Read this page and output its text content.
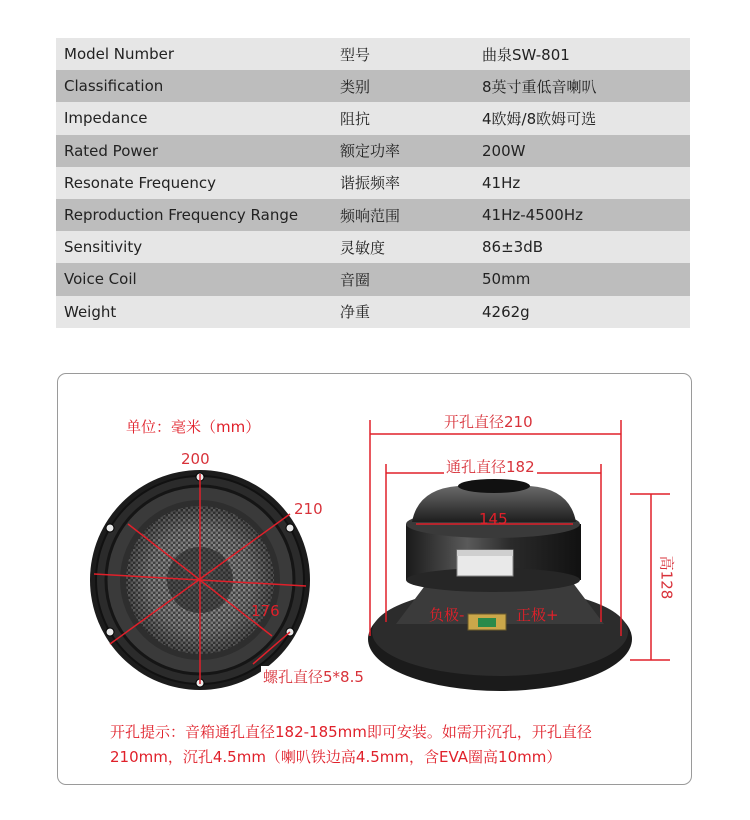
Model Number	型号	曲泉SW-801
Classification	类别	8英寸重低音喇叭
Impedance	阻抗	4欧姆/8欧姆可选
Rated Power	额定功率	200W
Resonate Frequency	谐振频率	41Hz
Reproduction Frequency Range	频响范围	41Hz-4500Hz
Sensitivity	灵敏度	86±3dB
Voice Coil	音圈	50mm
Weight	净重	4262g
单位：毫米（mm）
200
210
176
螺孔直径5*8.5
开孔直径210
通孔直径182
145
高128
负极-	正极+
开孔提示：音箱通孔直径182-185mm即可安装。如需开沉孔，开孔直径
210mm，沉孔4.5mm（喇叭铁边高4.5mm，含EVA圈高10mm）
